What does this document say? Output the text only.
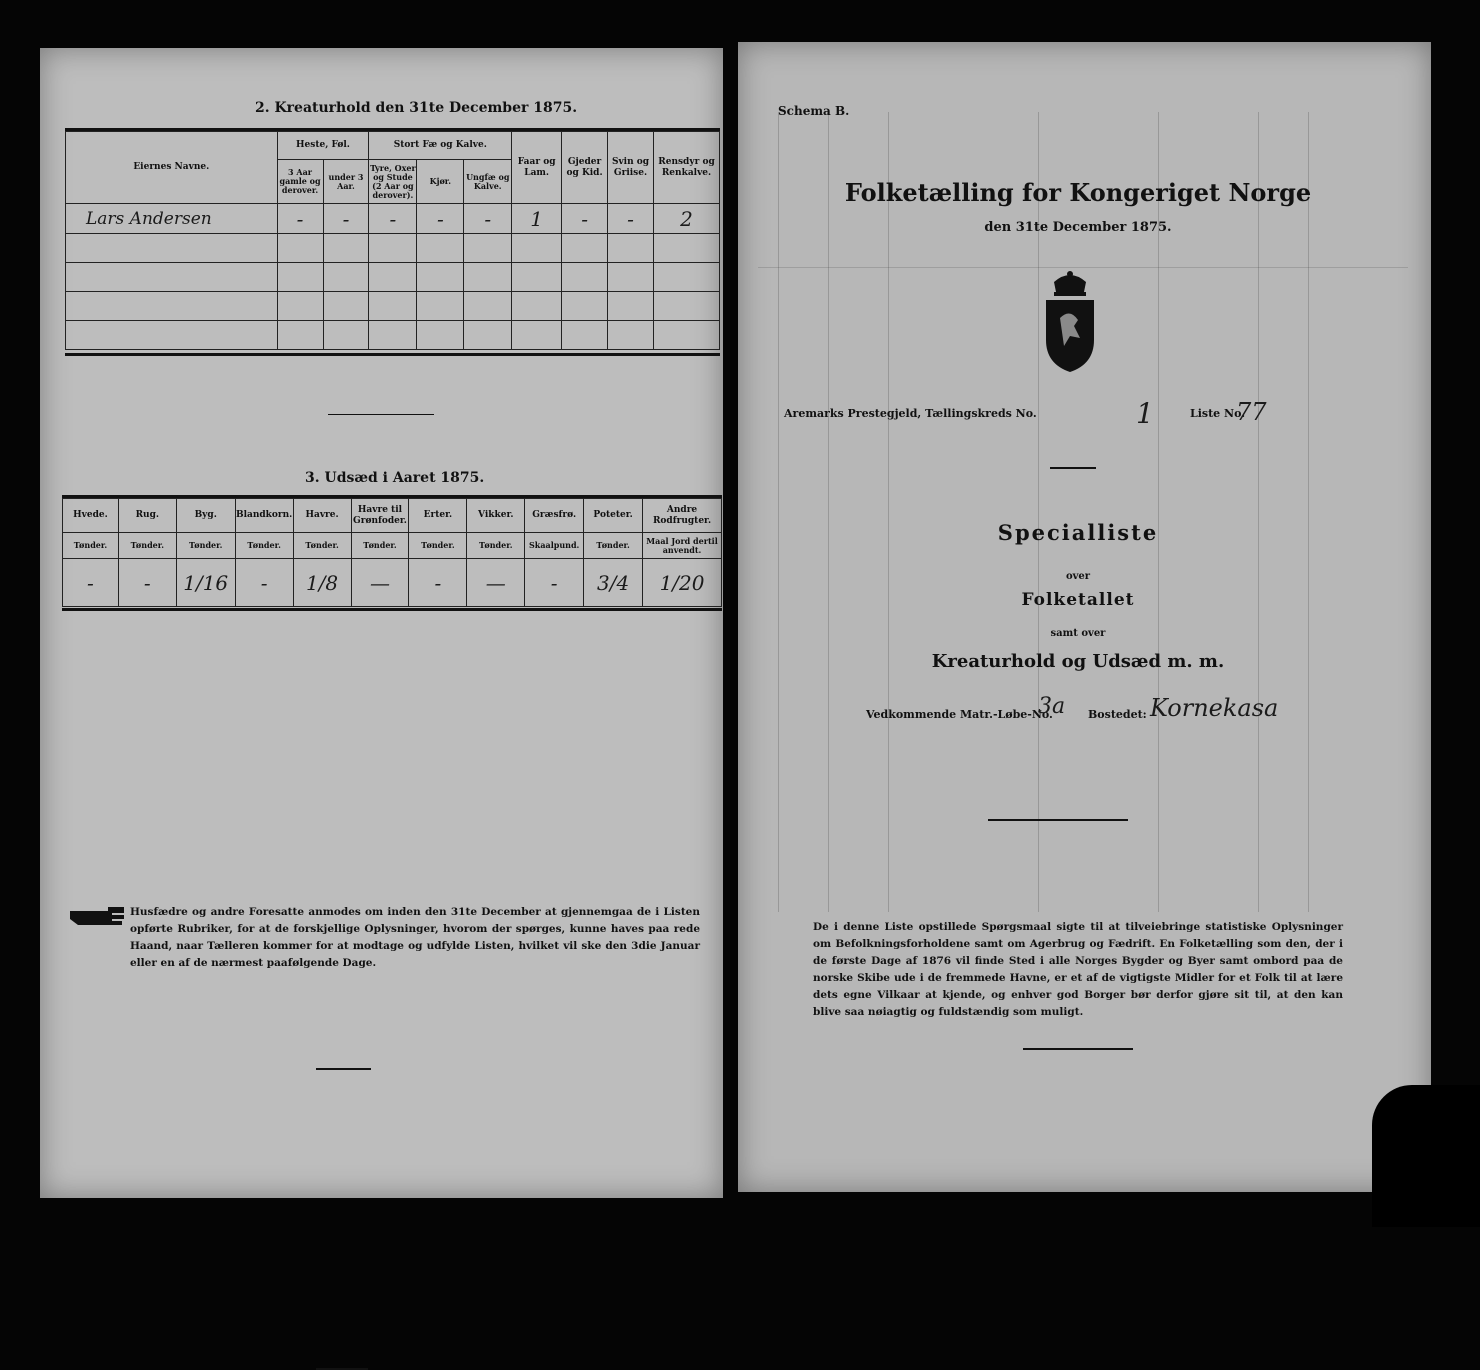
2. Kreaturhold den 31te December 1875.
Eiernes Navne.	Heste, Føl.		Stort Fæ og Kalve.			Faar og Lam.	Gjeder og Kid.	Svin og Griise.	Rensdyr og Renkalve.
	3 Aar gamle og derover.	under 3 Aar.	Tyre, Oxer og Stude (2 Aar og derover).	Kjør.	Ungfæ og Kalve.				
Lars Andersen	-	-	-	-	-	1	-	-	2

3. Udsæd i Aaret 1875.
Hvede.	Rug.	Byg.	Blandkorn.	Havre.	Havre til Grønfoder.	Erter.	Vikker.	Græsfrø.	Poteter.	Andre Rodfrugter.
Tønder.	Tønder.	Tønder.	Tønder.	Tønder.	Tønder.	Tønder.	Tønder.	Skaalpund.	Tønder.	Maal Jord dertil anvendt.
-	-	1/16	-	1/8	—	-	—	-	3/4	1/20
Husfædre og andre Foresatte anmodes om inden den 31te December at gjennemgaa de i Listen opførte Rubriker, for at de forskjellige Oplysninger, hvorom der spørges, kunne haves paa rede Haand, naar Tælleren kommer for at modtage og udfylde Listen, hvilket vil ske den 3die Januar eller en af de nærmest paafølgende Dage.
Schema B.
Folketælling for Kongeriget Norge
den 31te December 1875.
Aremarks Prestegjeld, Tællingskreds No.	1	Liste No.
77
Specialliste
over
Folketallet
samt over
Kreaturhold og Udsæd m. m.
Vedkommende Matr.-Løbe-No.
3a Bostedet: Kornekasa
De i denne Liste opstillede Spørgsmaal sigte til at tilveiebringe statistiske Oplysninger om Befolkningsforholdene samt om Agerbrug og Fædrift. En Folketælling som den, der i de første Dage af 1876 vil finde Sted i alle Norges Bygder og Byer samt ombord paa de norske Skibe ude i de fremmede Havne, er et af de vigtigste Midler for et Folk til at lære dets egne Vilkaar at kjende, og enhver god Borger bør derfor gjøre sit til, at den kan blive saa nøiagtig og fuldstændig som muligt.
